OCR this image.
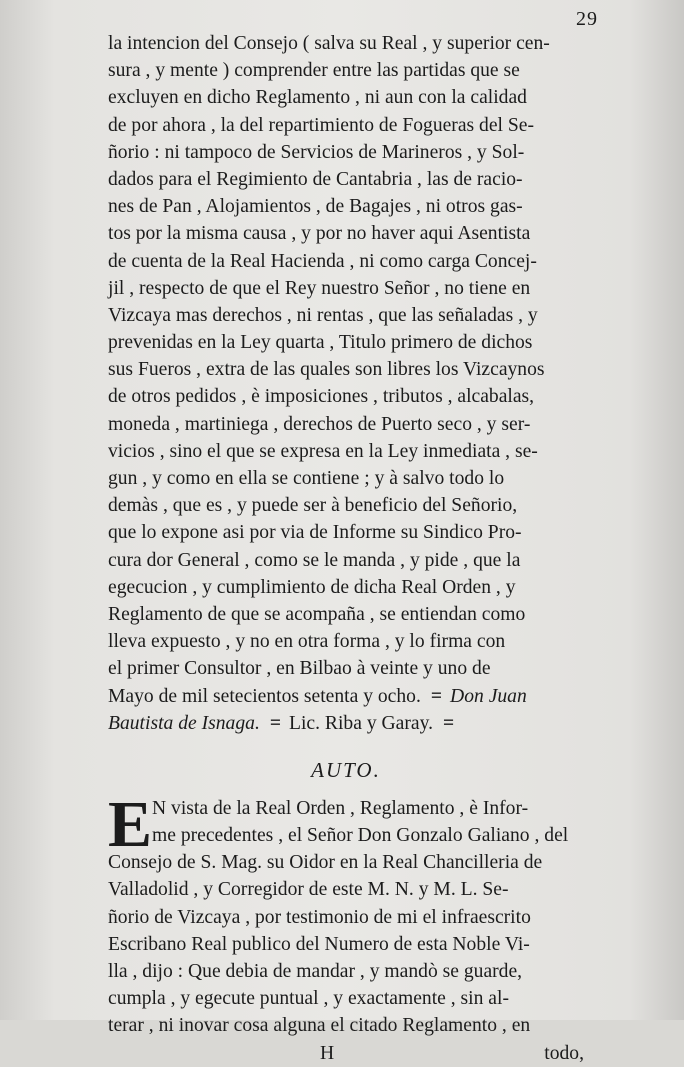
29
la intencion del Consejo ( salva su Real , y superior cen-
sura , y mente ) comprender entre las partidas que se
excluyen en dicho Reglamento , ni aun con la calidad
de por ahora , la del repartimiento de Fogueras del Se-
ñorio : ni tampoco de Servicios de Marineros , y Sol-
dados para el Regimiento de Cantabria , las de racio-
nes de Pan , Alojamientos , de Bagajes , ni otros gas-
tos por la misma causa , y por no haver aqui Asentista
de cuenta de la Real Hacienda , ni como carga Concej-
jil , respecto de que el Rey nuestro Señor , no tiene en
Vizcaya mas derechos , ni rentas , que las señaladas , y
prevenidas en la Ley quarta , Titulo primero de dichos
sus Fueros , extra de las quales son libres los Vizcaynos
de otros pedidos , è imposiciones , tributos , alcabalas,
moneda , martiniega , derechos de Puerto seco , y ser-
vicios , sino el que se expresa en la Ley inmediata , se-
gun , y como en ella se contiene ; y à salvo todo lo
demàs , que es , y puede ser à beneficio del Señorio,
que lo expone asi por via de Informe su Sindico Pro-
cura dor General , como se le manda , y pide , que la
egecucion , y cumplimiento de dicha Real Orden , y
Reglamento de que se acompaña , se entiendan como
lleva expuesto , y no en otra forma , y lo firma con
el primer Consultor , en Bilbao à veinte y uno de
Mayo de mil setecientos setenta y ocho. = Don Juan
Bautista de Isnaga. = Lic. Riba y Garay. =
AUTO.
E N vista de la Real Orden , Reglamento , è Infor-
me precedentes , el Señor Don Gonzalo Galiano , del
Consejo de S. Mag. su Oidor en la Real Chancilleria de
Valladolid , y Corregidor de este M. N. y M. L. Se-
ñorio de Vizcaya , por testimonio de mi el infraescrito
Escribano Real publico del Numero de esta Noble Vi-
lla , dijo : Que debia de mandar , y mandò se guarde,
cumpla , y egecute puntual , y exactamente , sin al-
terar , ni inovar cosa alguna el citado Reglamento , en
H	todo,
